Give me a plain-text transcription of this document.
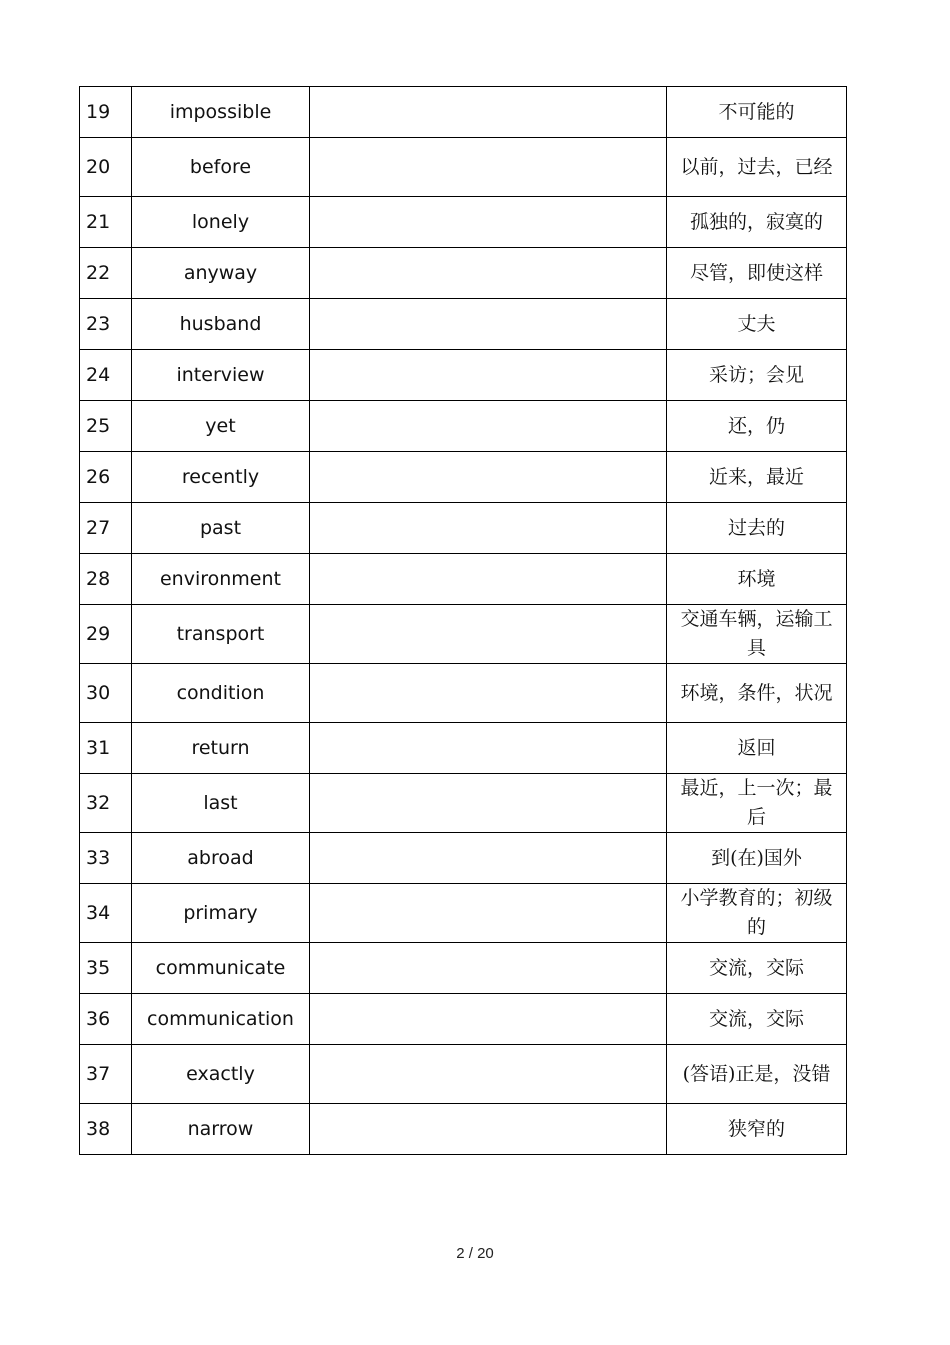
19	impossible		不可能的
20	before		以前，过去，已经
21	lonely		孤独的，寂寞的
22	anyway		尽管，即使这样
23	husband		丈夫
24	interview		采访；会见
25	yet		还，仍
26	recently		近来，最近
27	past		过去的
28	environment		环境
29	transport		交通车辆，运输工具
30	condition		环境，条件，状况
31	return		返回
32	last		最近，上一次；最后
33	abroad		到(在)国外
34	primary		小学教育的；初级的
35	communicate		交流，交际
36	communication		交流，交际
37	exactly		(答语)正是，没错
38	narrow		狭窄的
2 / 20
